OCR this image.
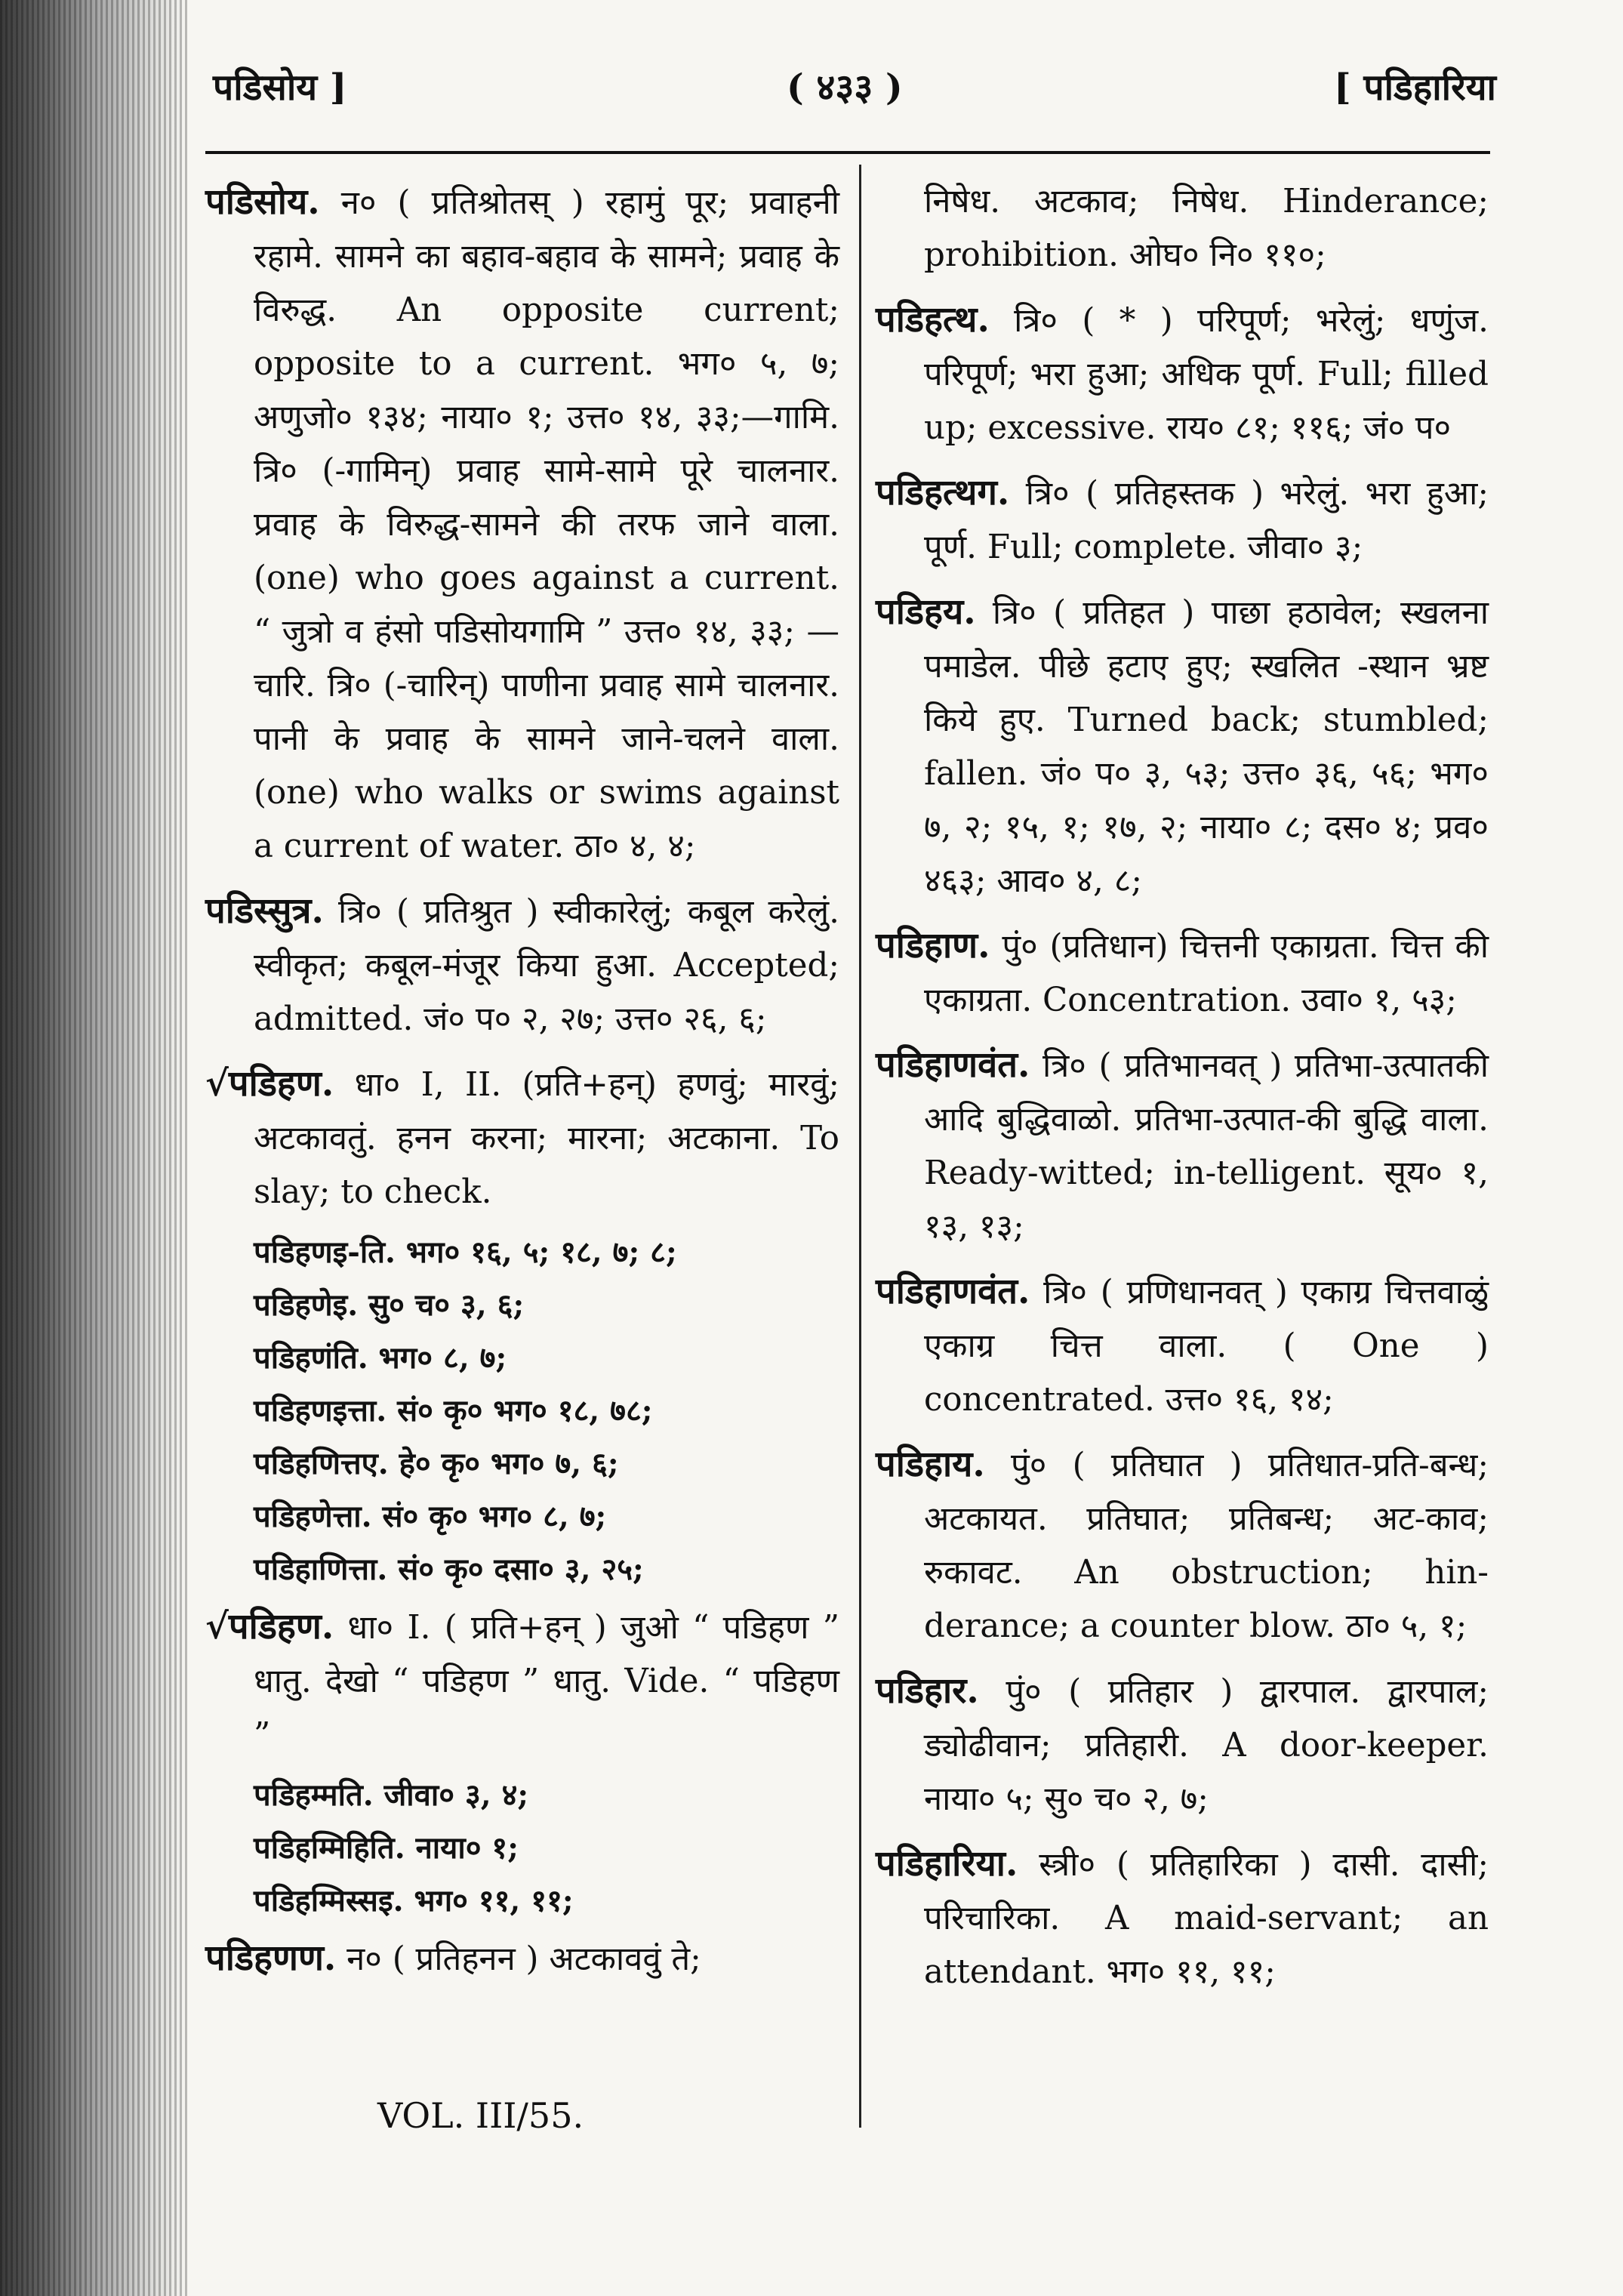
पडिसोय ]	( ४३३ )	[ पडिहारिया

पडिसोय. न० ( प्रतिश्रोतस् ) रहामुं पूर; प्रवाहनी रहामे. सामने का बहाव-बहाव के सामने; प्रवाह के विरुद्ध. An opposite current; opposite to a current. भग० ५, ७; अणुजो० १३४; नाया० १; उत्त० १४, ३३;—गामि. त्रि० (-गामिन्) प्रवाह सामे-सामे पूरे चालनार. प्रवाह के विरुद्ध-सामने की तरफ जाने वाला. (one) who goes against a current. “ जुत्रो व हंसो पडिसोयगामि ” उत्त० १४, ३३; —चारि. त्रि० (-चारिन्) पाणीना प्रवाह सामे चालनार. पानी के प्रवाह के सामने जाने-चलने वाला. (one) who walks or swims against a current of water. ठा० ४, ४;

पडिस्सुत्र. त्रि० ( प्रतिश्रुत ) स्वीकारेलुं; कबूल करेलुं. स्वीकृत; कबूल-मंजूर किया हुआ. Accepted; admitted. जं० प० २, २७; उत्त० २६, ६;

√पडिहण. धा० I, II. (प्रति+हन्) हणवुं; मारवुं; अटकावतुं. हनन करना; मारना; अटकाना. To slay; to check.

पडिहणइ-ति. भग० १६, ५; १८, ७; ८;

पडिहणेइ. सु० च० ३, ६;

पडिहणंति. भग० ८, ७;

पडिहणइत्ता. सं० कृ० भग० १८, ७८;

पडिहणित्तए. हे० कृ० भग० ७, ६;

पडिहणेत्ता. सं० कृ० भग० ८, ७;

पडिहाणित्ता. सं० कृ० दसा० ३, २५;

√पडिहण. धा० I. ( प्रति+हन् ) जुओ “ पडिहण ” धातु. देखो “ पडिहण ” धातु. Vide. “ पडिहण ”

पडिहम्मति. जीवा० ३, ४;

पडिहम्मिहिति. नाया० १;

पडिहम्मिस्सइ. भग० ११, ११;

पडिहणण. न० ( प्रतिहनन ) अटकाववुं ते;

निषेध. अटकाव; निषेध. Hinderance; prohibition. ओघ० नि० ११०;

पडिहत्थ. त्रि० ( * ) परिपूर्ण; भरेलुं; धणुंज. परिपूर्ण; भरा हुआ; अधिक पूर्ण. Full; filled up; excessive. राय० ८१; ११६; जं० प०

पडिहत्थग. त्रि० ( प्रतिहस्तक ) भरेलुं. भरा हुआ; पूर्ण. Full; complete. जीवा० ३;

पडिहय. त्रि० ( प्रतिहत ) पाछा हठावेल; स्खलना पमाडेल. पीछे हटाए हुए; स्खलित -स्थान भ्रष्ट किये हुए. Turned back; stumbled; fallen. जं० प० ३, ५३; उत्त० ३६, ५६; भग० ७, २; १५, १; १७, २; नाया० ८; दस० ४; प्रव० ४६३; आव० ४, ८;

पडिहाण. पुं० (प्रतिधान) चित्तनी एकाग्रता. चित्त की एकाग्रता. Concentration. उवा० १, ५३;

पडिहाणवंत. त्रि० ( प्रतिभानवत् ) प्रतिभा-उत्पातकी आदि बुद्धिवाळो. प्रतिभा-उत्पात-की बुद्धि वाला. Ready-witted; in-telligent. सूय० १, १३, १३;

पडिहाणवंत. त्रि० ( प्रणिधानवत् ) एकाग्र चित्तवाळुं एकाग्र चित्त वाला. ( One ) concentrated. उत्त० १६, १४;

पडिहाय. पुं० ( प्रतिघात ) प्रतिधात-प्रति-बन्ध; अटकायत. प्रतिघात; प्रतिबन्ध; अट-काव; रुकावट. An obstruction; hin-derance; a counter blow. ठा० ५, १;

पडिहार. पुं० ( प्रतिहार ) द्वारपाल. द्वारपाल; ड्योढीवान; प्रतिहारी. A door-keeper. नाया० ५; सु० च० २, ७;

पडिहारिया. स्त्री० ( प्रतिहारिका ) दासी. दासी; परिचारिका. A maid-servant; an attendant. भग० ११, ११;

VOL. III/55.
